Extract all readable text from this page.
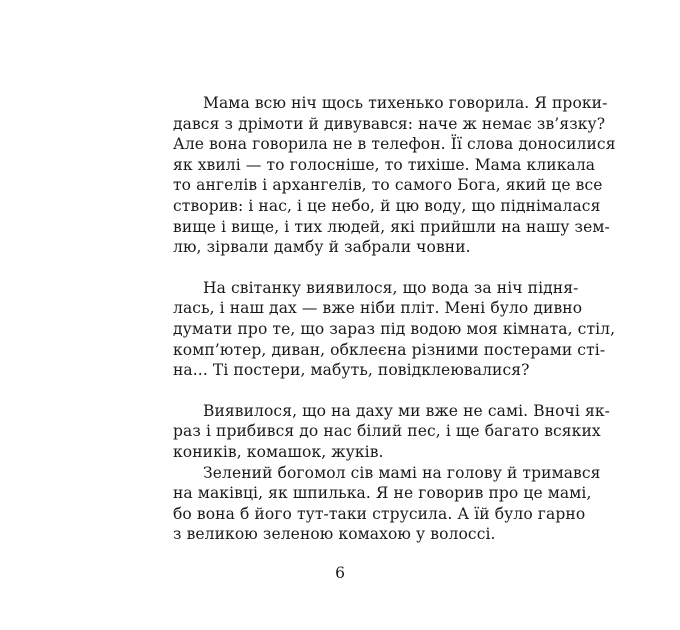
Мама всю ніч щось тихенько говорила. Я проки-
дався з дрімоти й дивувався: наче ж немає зв’язку?
Але вона говорила не в телефон. Її слова доносилися
як хвилі — то голосніше, то тихіше. Мама кликала
то ангелів і архангелів, то самого Бога, який це все
створив: і нас, і це небо, й цю воду, що піднімалася
вище і вище, і тих людей, які прийшли на нашу зем-
лю, зірвали дамбу й забрали човни.
На світанку виявилося, що вода за ніч підня-
лась, і наш дах — вже ніби пліт. Мені було дивно
думати про те, що зараз під водою моя кімната, стіл,
комп’ютер, диван, обклеєна різними постерами сті-
на... Ті постери, мабуть, повідклеювалися?
Виявилося, що на даху ми вже не самі. Вночі як-
раз і прибився до нас білий пес, і ще багато всяких
коників, комашок, жуків.
Зелений богомол сів мамі на голову й тримався
на маківці, як шпилька. Я не говорив про це мамі,
бо вона б його тут-таки струсила. А їй було гарно
з великою зеленою комахою у волоссі.
6
